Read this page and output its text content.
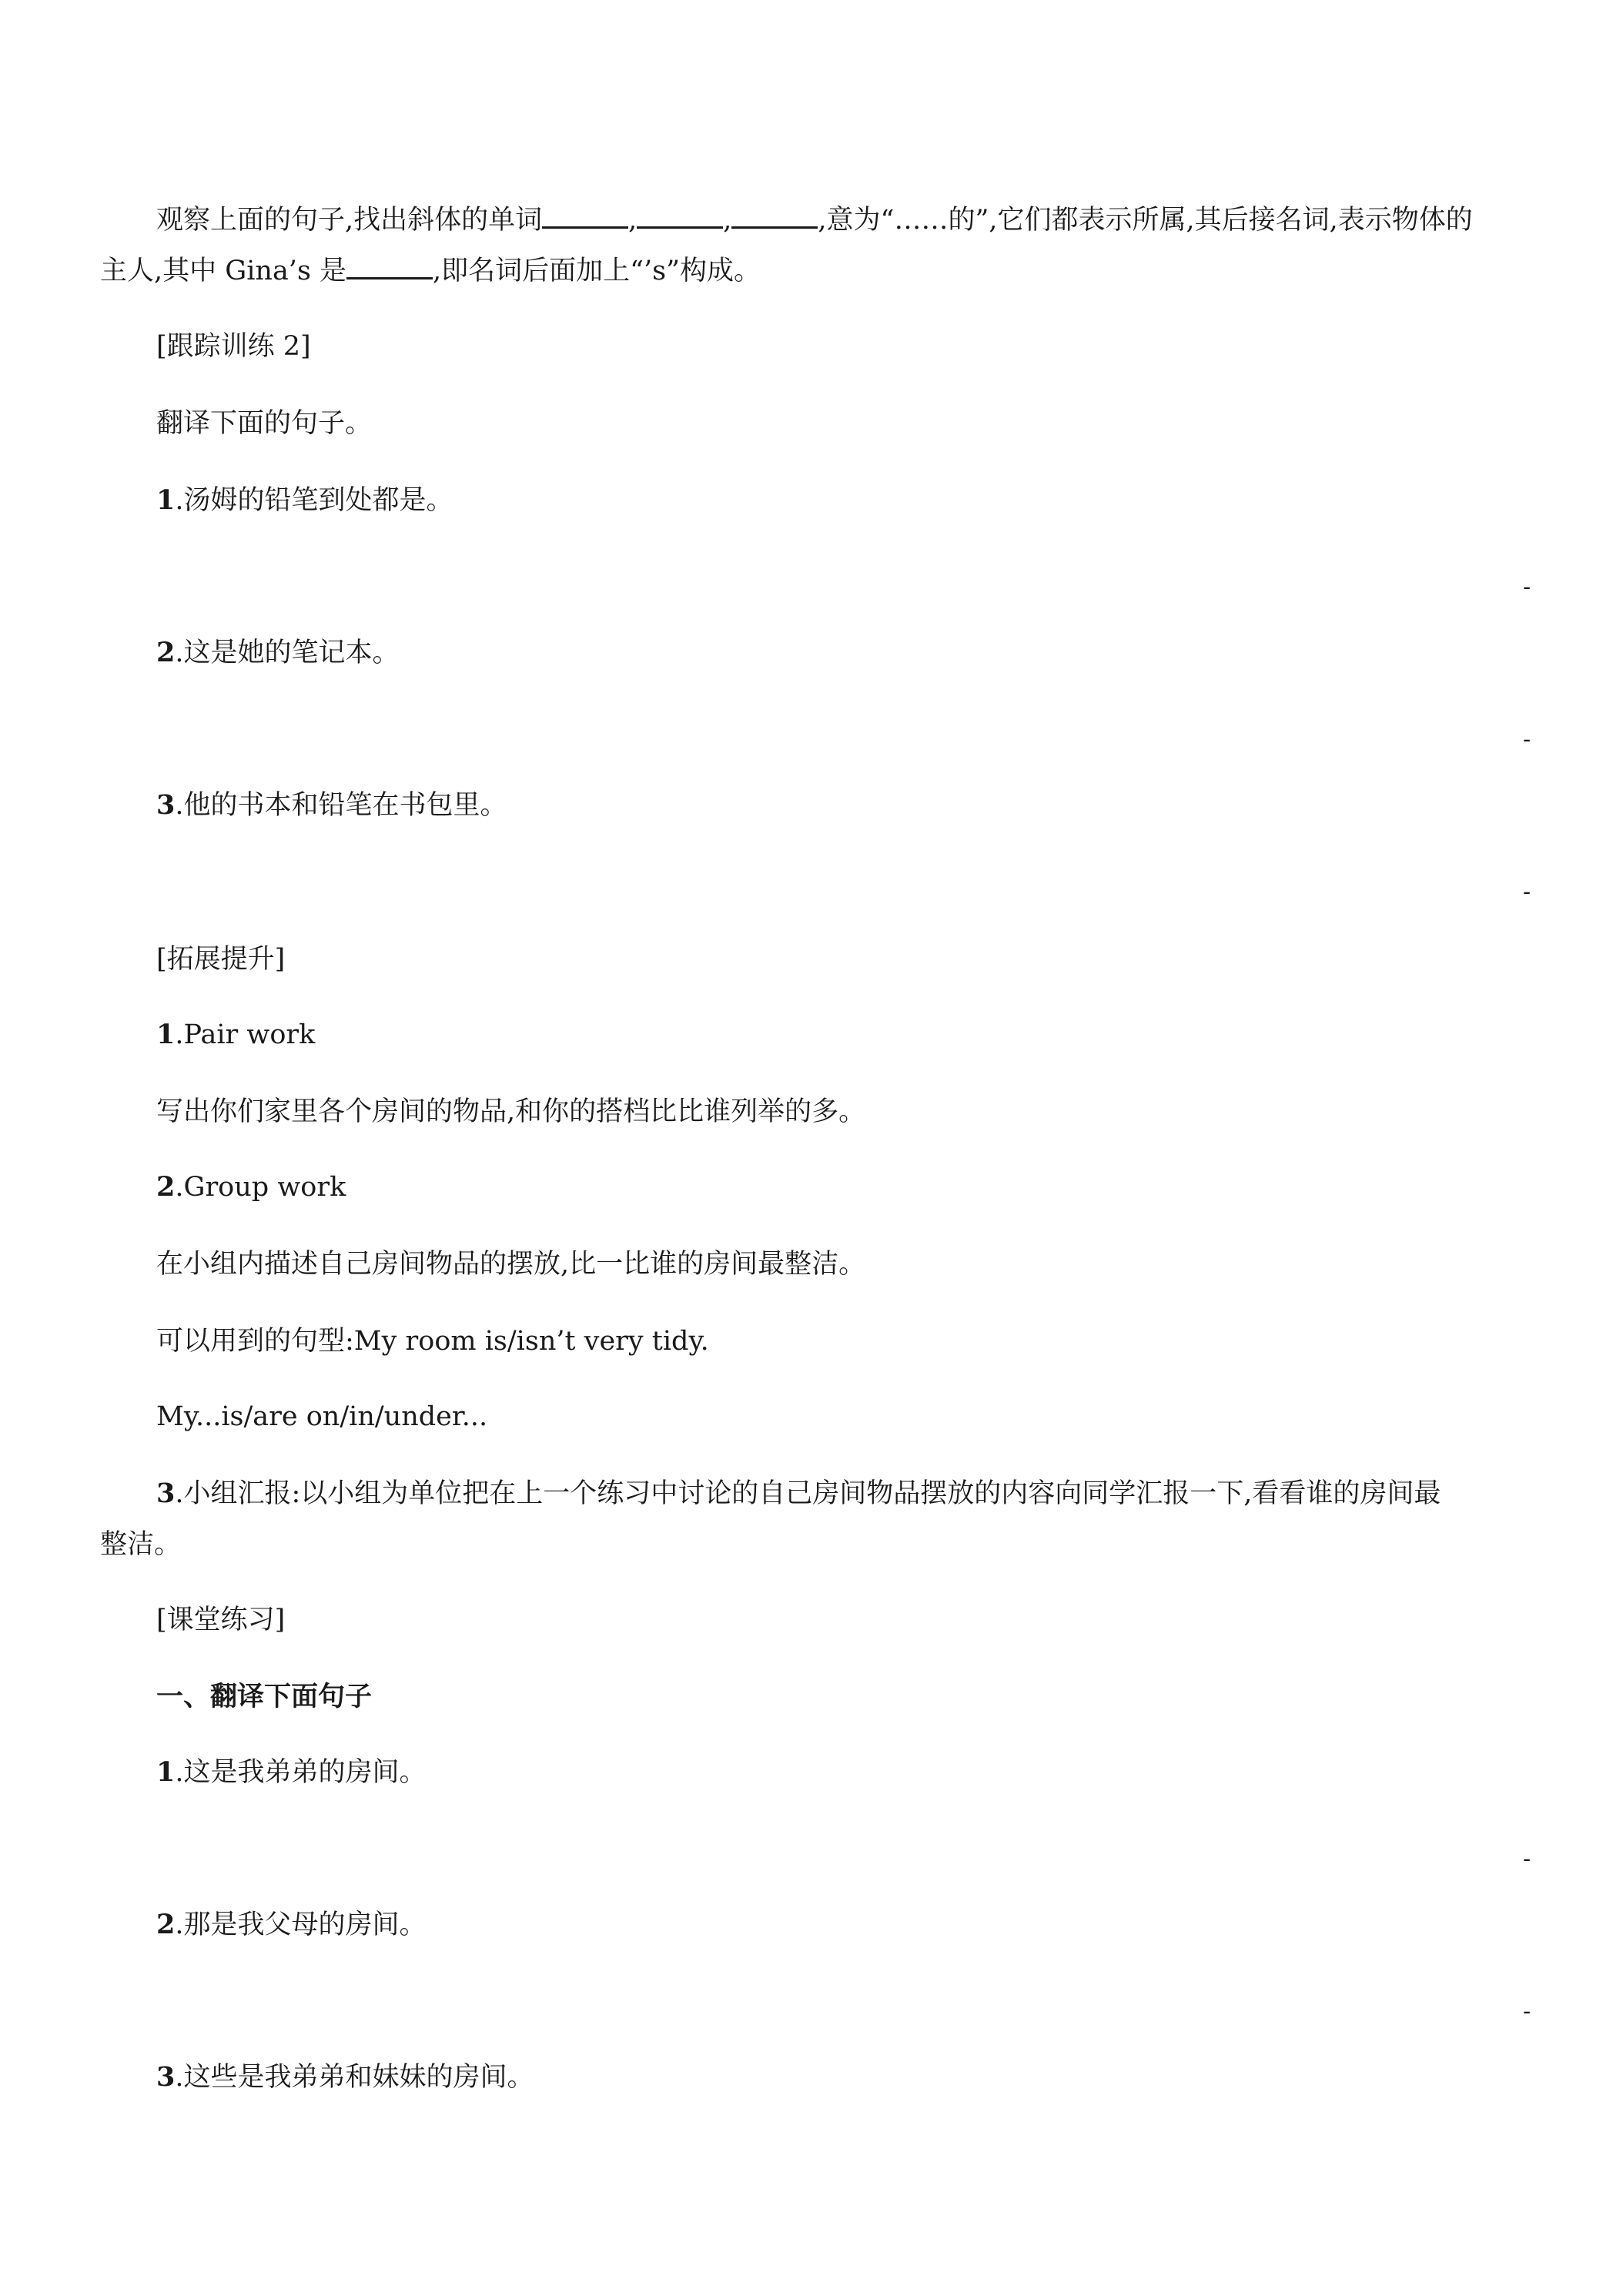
观察上面的句子,找出斜体的单词	,	,	,意为“……的”,它们都表示所属,其后接名词,表示物体的
主人,其中 Gina’s 是	,即名词后面加上“’s”构成。
[跟踪训练 2]
翻译下面的句子。
1.汤姆的铅笔到处都是。
-
2.这是她的笔记本。
-
3.他的书本和铅笔在书包里。
-
[拓展提升]
1.Pair work
写出你们家里各个房间的物品,和你的搭档比比谁列举的多。
2.Group work
在小组内描述自己房间物品的摆放,比一比谁的房间最整洁。
可以用到的句型:My room is/isn’t very tidy.
My...is/are on/in/under...
3.小组汇报:以小组为单位把在上一个练习中讨论的自己房间物品摆放的内容向同学汇报一下,看看谁的房间最
整洁。
[课堂练习]
一、翻译下面句子
1.这是我弟弟的房间。
-
2.那是我父母的房间。
-
3.这些是我弟弟和妹妹的房间。
